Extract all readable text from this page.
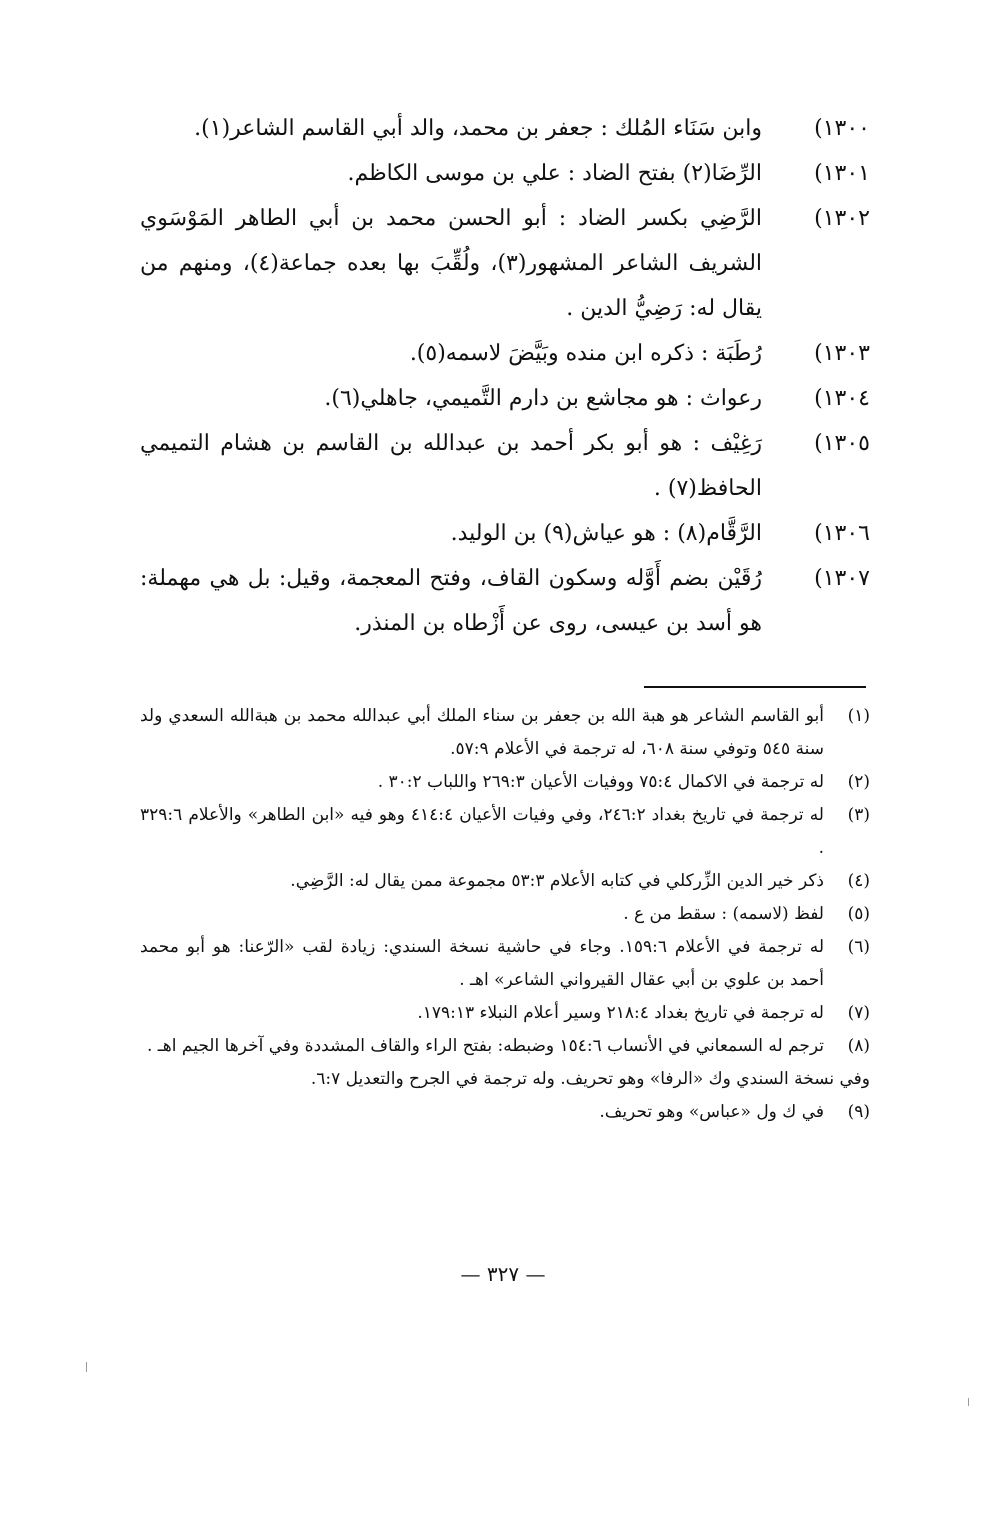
١٣٠٠)
وابن سَنَاء المُلك : جعفر بن محمد، والد أبي القاسم الشاعر(١).
١٣٠١)
الرِّضَا(٢) بفتح الضاد : علي بن موسى الكاظم.
١٣٠٢)
الرَّضِي بكسر الضاد : أبو الحسن محمد بن أبي الطاهر المَوْسَوي الشريف الشاعر المشهور(٣)، ولُقِّبَ بها بعده جماعة(٤)، ومنهم من يقال له: رَضِيُّ الدين .
١٣٠٣)
رُطَبَة : ذكره ابن منده وبَيَّضَ لاسمه(٥).
١٣٠٤)
رعواث : هو مجاشع بن دارم التَّميمي، جاهلي(٦).
١٣٠٥)
رَغِيْف : هو أبو بكر أحمد بن عبدالله بن القاسم بن هشام التميمي الحافظ(٧) .
١٣٠٦)
الرَّقَّام(٨) : هو عياش(٩) بن الوليد.
١٣٠٧)
رُقَيْن بضم أَوَّله وسكون القاف، وفتح المعجمة، وقيل: بل هي مهملة: هو أسد بن عيسى، روى عن أَزْطاه بن المنذر.
(١)
أبو القاسم الشاعر هو هبة الله بن جعفر بن سناء الملك أبي عبدالله محمد بن هبةالله السعدي ولد سنة ٥٤٥ وتوفي سنة ٦٠٨، له ترجمة في الأعلام ٥٧:٩.
(٢)
له ترجمة في الاكمال ٧٥:٤ ووفيات الأعيان ٢٦٩:٣ واللباب ٣٠:٢ .
(٣)
له ترجمة في تاريخ بغداد ٢٤٦:٢، وفي وفيات الأعيان ٤١٤:٤ وهو فيه «ابن الطاهر» والأعلام ٣٢٩:٦ .
(٤)
ذكر خير الدين الزِّركلي في كتابه الأعلام ٥٣:٣ مجموعة ممن يقال له: الرَّضِي.
(٥)
لفظ (لاسمه) : سقط من ع .
(٦)
له ترجمة في الأعلام ١٥٩:٦. وجاء في حاشية نسخة السندي: زيادة لقب «الرّعنا: هو أبو محمد أحمد بن علوي بن أبي عقال القيرواني الشاعر» اهـ .
(٧)
له ترجمة في تاريخ بغداد ٢١٨:٤ وسير أعلام النبلاء ١٧٩:١٣.
(٨)
ترجم له السمعاني في الأنساب ١٥٤:٦ وضبطه: بفتح الراء والقاف المشددة وفي آخرها الجيم اهـ .
وفي نسخة السندي وك «الرفا» وهو تحريف. وله ترجمة في الجرح والتعديل ٦:٧.
(٩)
في ك ول «عباس» وهو تحريف.
— ٣٢٧ —
